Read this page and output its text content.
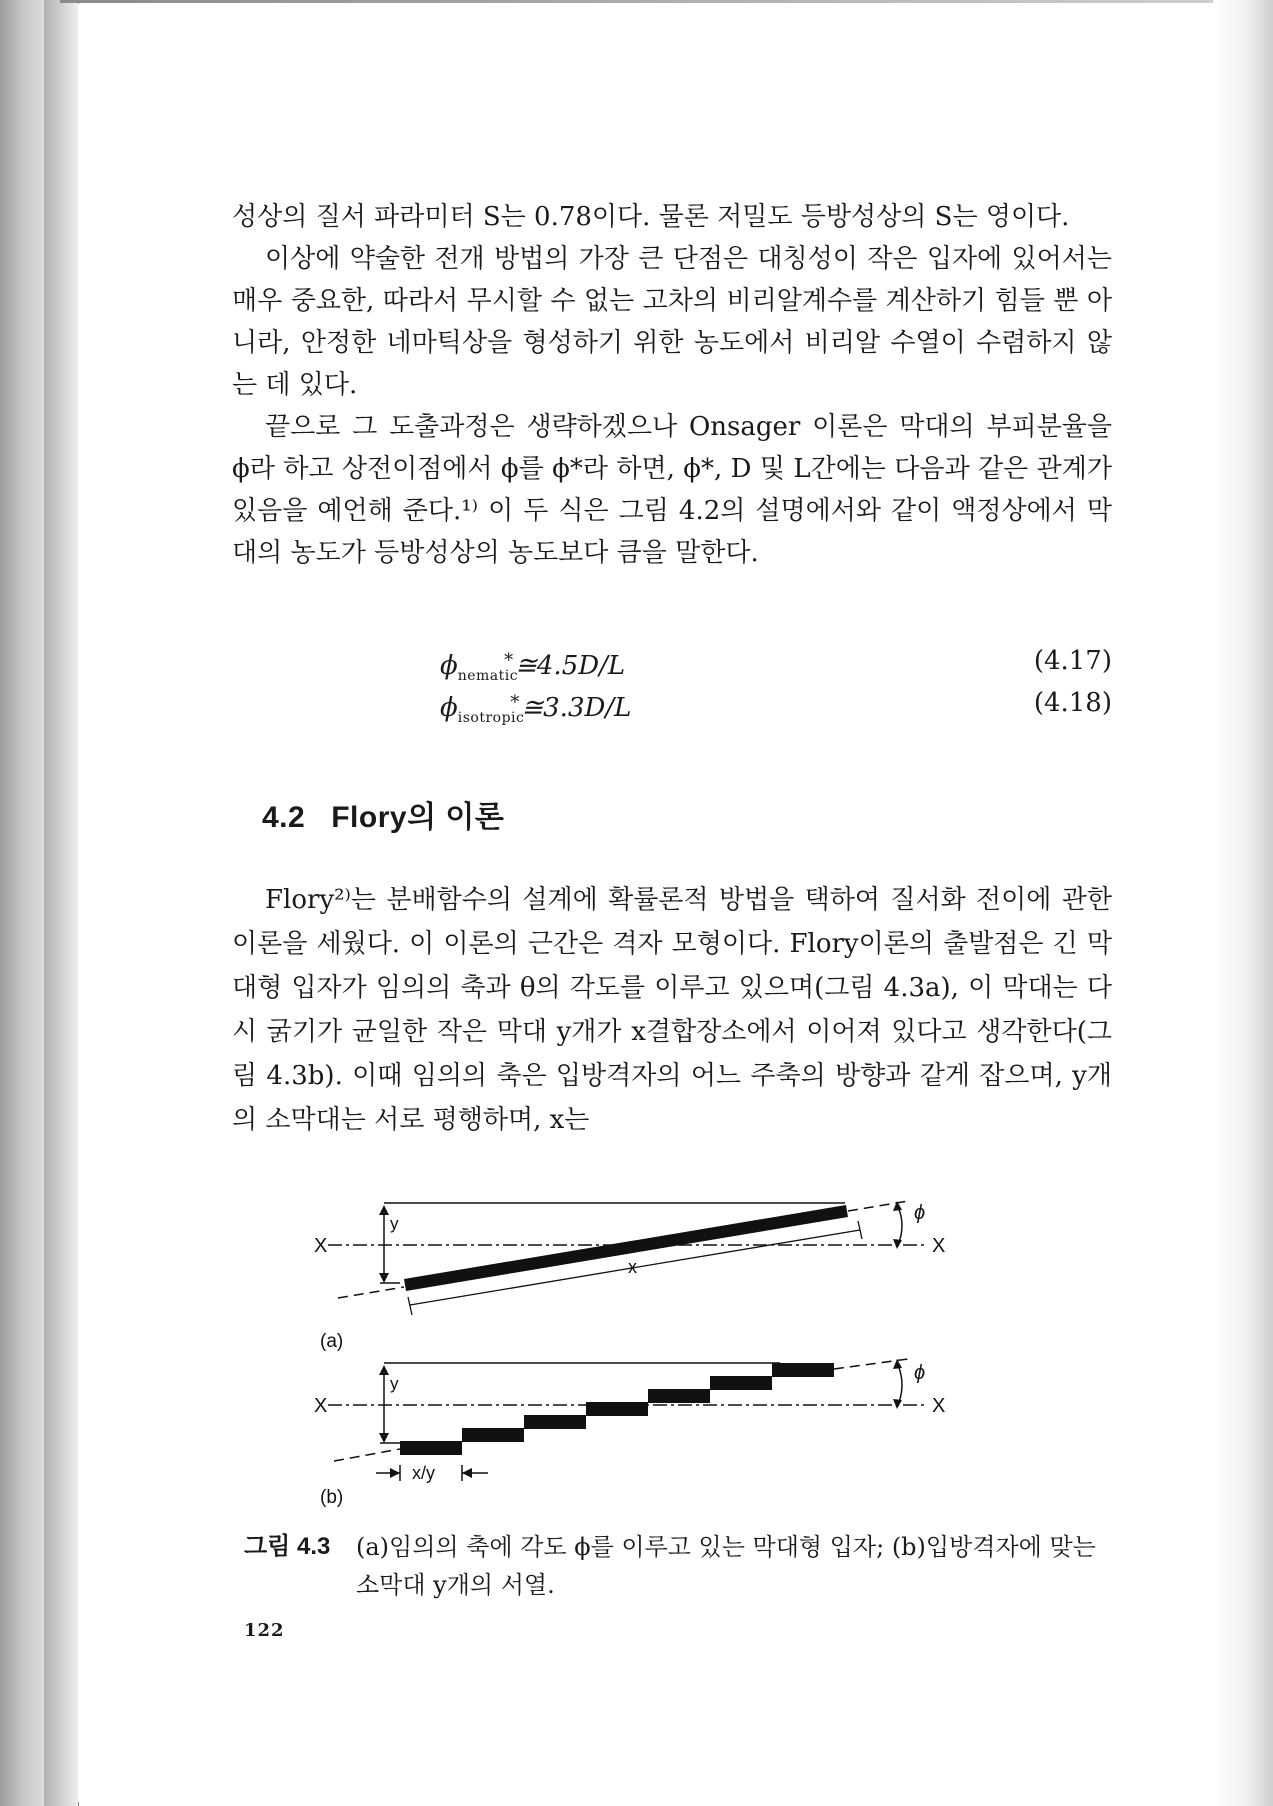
성상의 질서 파라미터 S는 0.78이다. 물론 저밀도 등방성상의 S는 영이다.

이상에 약술한 전개 방법의 가장 큰 단점은 대칭성이 작은 입자에 있어서는 매우 중요한, 따라서 무시할 수 없는 고차의 비리알계수를 계산하기 힘들 뿐 아니라, 안정한 네마틱상을 형성하기 위한 농도에서 비리알 수열이 수렴하지 않는 데 있다.

끝으로 그 도출과정은 생략하겠으나 Onsager 이론은 막대의 부피분율을 ϕ라 하고 상전이점에서 ϕ를 ϕ*라 하면, ϕ*, D 및 L간에는 다음과 같은 관계가 있음을 예언해 준다.¹⁾ 이 두 식은 그림 4.2의 설명에서와 같이 액정상에서 막대의 농도가 등방성상의 농도보다 큼을 말한다.

$\phi_{nematic}^*≅4.5D/L$	(4.17)
$\phi_{isotropic}^*≅3.3D/L$	(4.18)
4.2 Flory의 이론

Flory²⁾는 분배함수의 설계에 확률론적 방법을 택하여 질서화 전이에 관한 이론을 세웠다. 이 이론의 근간은 격자 모형이다. Flory이론의 출발점은 긴 막대형 입자가 임의의 축과 θ의 각도를 이루고 있으며(그림 4.3a), 이 막대는 다시 굵기가 균일한 작은 막대 y개가 x결합장소에서 이어져 있다고 생각한다(그림 4.3b). 이때 임의의 축은 입방격자의 어느 주축의 방향과 같게 잡으며, y개의 소막대는 서로 평행하며, x는

X	X
y
x
ϕ
(a)
X	X
y	ϕ
x/y
(b)
그림 4.3 (a)임의의 축에 각도 ϕ를 이루고 있는 막대형 입자; (b)입방격자에 맞는 소막대 y개의 서열.
122
